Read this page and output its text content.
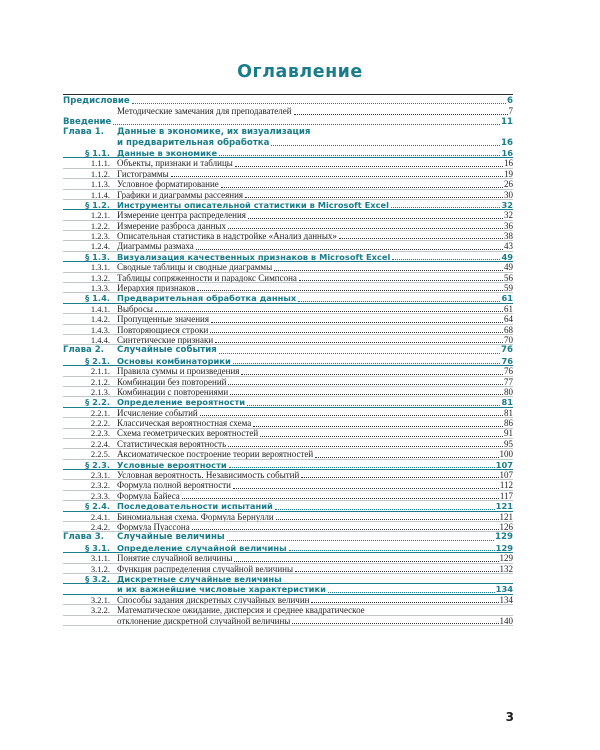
Оглавление
Предисловие	6
Методические замечания для преподавателей	7
Введение	11
Глава 1.	Данные в экономике, их визуализация
и предварительная обработка	16
§ 1.1. Данные в экономике	16
1.1.1. Объекты, признаки и таблицы	16
1.1.2. Гистограммы	19
1.1.3. Условное форматирование	26
1.1.4. Графики и диаграммы рассеяния	30
§ 1.2. Инструменты описательной статистики в Microsoft Excel	32
1.2.1. Измерение центра распределения	32
1.2.2. Измерение разброса данных	36
1.2.3. Описательная статистика в надстройке «Анализ данных»	38
1.2.4. Диаграммы размаха	43
§ 1.3. Визуализация качественных признаков в Microsoft Excel	49
1.3.1. Сводные таблицы и сводные диаграммы	49
1.3.2. Таблицы сопряженности и парадокс Симпсона	56
1.3.3. Иерархия признаков	59
§ 1.4. Предварительная обработка данных	61
1.4.1. Выбросы	61
1.4.2. Пропущенные значения	64
1.4.3. Повторяющиеся строки	68
1.4.4. Синтетические признаки	70
Глава 2.	Случайные события	76
§ 2.1. Основы комбинаторики	76
2.1.1. Правила суммы и произведения	76
2.1.2. Комбинации без повторений	77
2.1.3. Комбинации с повторениями	80
§ 2.2. Определение вероятности	81
2.2.1. Исчисление событий	81
2.2.2. Классическая вероятностная схема	86
2.2.3. Схема геометрических вероятностей	91
2.2.4. Статистическая вероятность	95
2.2.5. Аксиоматическое построение теории вероятностей	100
§ 2.3. Условные вероятности	107
2.3.1. Условная вероятность. Независимость событий	107
2.3.2. Формула полной вероятности	112
2.3.3. Формула Байеса	117
§ 2.4. Последовательности испытаний	121
2.4.1. Биномиальная схема. Формула Бернулли	121
2.4.2. Формула Пуассона	126
Глава 3.	Случайные величины	129
§ 3.1. Определение случайной величины	129
3.1.1. Понятие случайной величины	129
3.1.2. Функция распределения случайной величины	132
§ 3.2. Дискретные случайные величины
и их важнейшие числовые характеристики	134
3.2.1. Способы задания дискретных случайных величин	134
3.2.2. Математическое ожидание, дисперсия и среднее квадратическое
отклонение дискретной случайной величины	140
3
